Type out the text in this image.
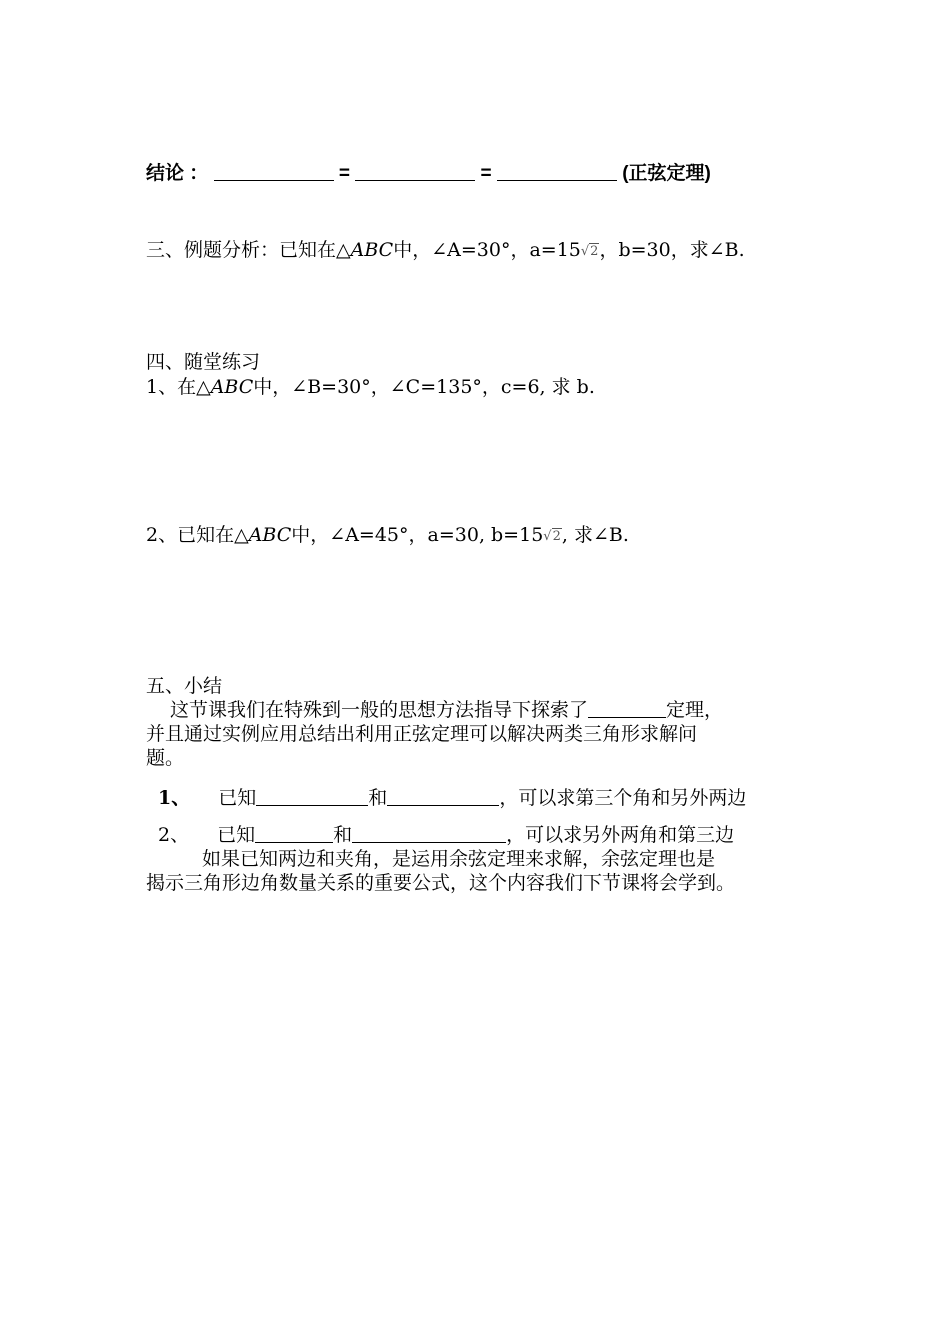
结论 ：	=	=	(正弦定理)
三、例题分析：已知在△ABC中，∠A=30°，a=15√2，b=30，求∠B.
四、随堂练习
1、在△ABC中，∠B=30°，∠C=135°，c=6, 求 b.
2、已知在△ABC中，∠A=45°，a=30, b=15√2, 求∠B.
五、小结
这节课我们在特殊到一般的思想方法指导下探索了	定理，
并且通过实例应用总结出利用正弦定理可以解决两类三角形求解问
题。
1、 已知	和	，可以求第三个角和另外两边
2、 已知	和	，可以求另外两角和第三边
如果已知两边和夹角，是运用余弦定理来求解，余弦定理也是
揭示三角形边角数量关系的重要公式，这个内容我们下节课将会学到。
